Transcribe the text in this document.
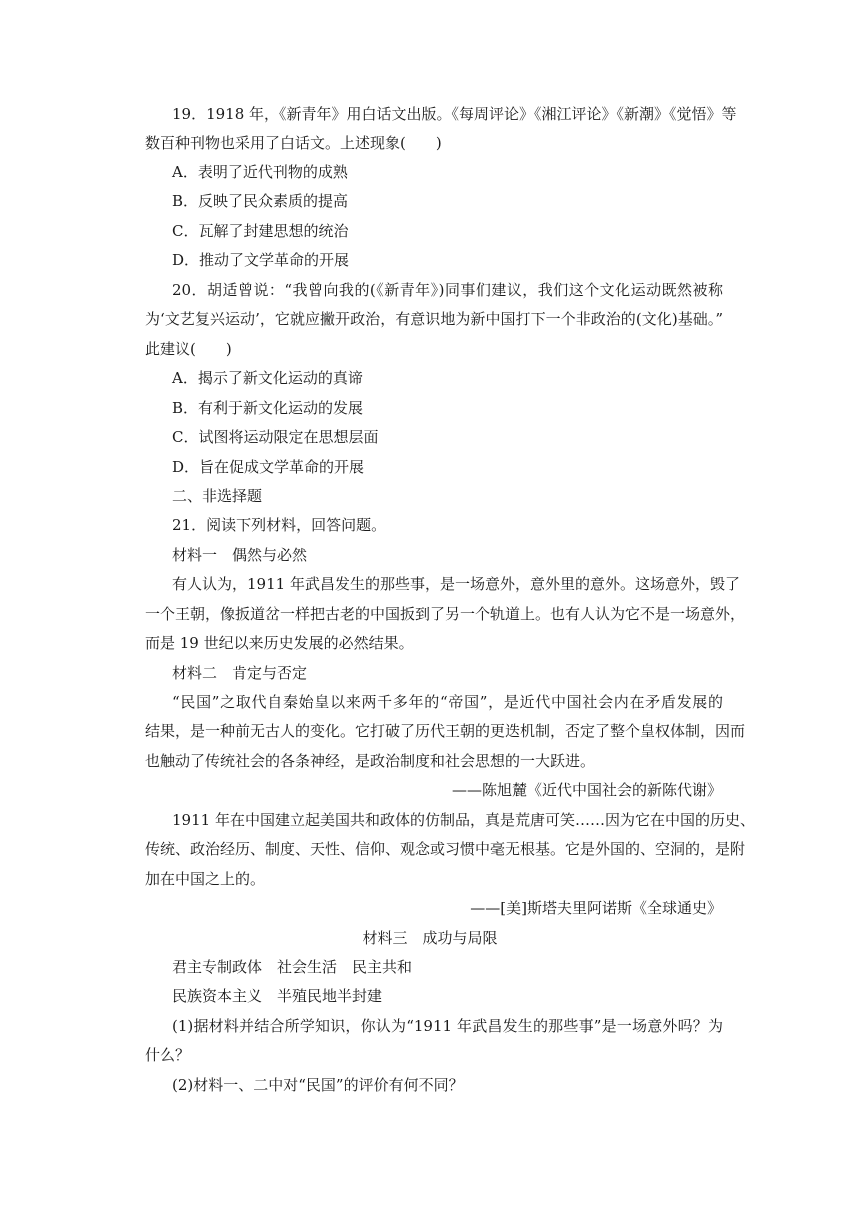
19．1918 年，《新青年》用白话文出版。《每周评论》《湘江评论》《新潮》《觉悟》等
数百种刊物也采用了白话文。上述现象(　　)
A．表明了近代刊物的成熟
B．反映了民众素质的提高
C．瓦解了封建思想的统治
D．推动了文学革命的开展
20．胡适曾说：“我曾向我的(《新青年》)同事们建议，我们这个文化运动既然被称
为‘文艺复兴运动’，它就应撇开政治，有意识地为新中国打下一个非政治的(文化)基础。”
此建议(　　)
A．揭示了新文化运动的真谛
B．有利于新文化运动的发展
C．试图将运动限定在思想层面
D．旨在促成文学革命的开展
二、非选择题
21．阅读下列材料，回答问题。
材料一　偶然与必然
有人认为，1911 年武昌发生的那些事，是一场意外，意外里的意外。这场意外，毁了
一个王朝，像扳道岔一样把古老的中国扳到了另一个轨道上。也有人认为它不是一场意外，
而是 19 世纪以来历史发展的必然结果。
材料二　肯定与否定
“民国”之取代自秦始皇以来两千多年的“帝国”，是近代中国社会内在矛盾发展的
结果，是一种前无古人的变化。它打破了历代王朝的更迭机制，否定了整个皇权体制，因而
也触动了传统社会的各条神经，是政治制度和社会思想的一大跃进。
——陈旭麓《近代中国社会的新陈代谢》
1911 年在中国建立起美国共和政体的仿制品，真是荒唐可笑……因为它在中国的历史、
传统、政治经历、制度、天性、信仰、观念或习惯中毫无根基。它是外国的、空洞的，是附
加在中国之上的。
——[美]斯塔夫里阿诺斯《全球通史》
材料三　成功与局限
君主专制政体　社会生活　民主共和
民族资本主义　半殖民地半封建
(1)据材料并结合所学知识，你认为“1911 年武昌发生的那些事”是一场意外吗？为
什么？
(2)材料一、二中对“民国”的评价有何不同？
